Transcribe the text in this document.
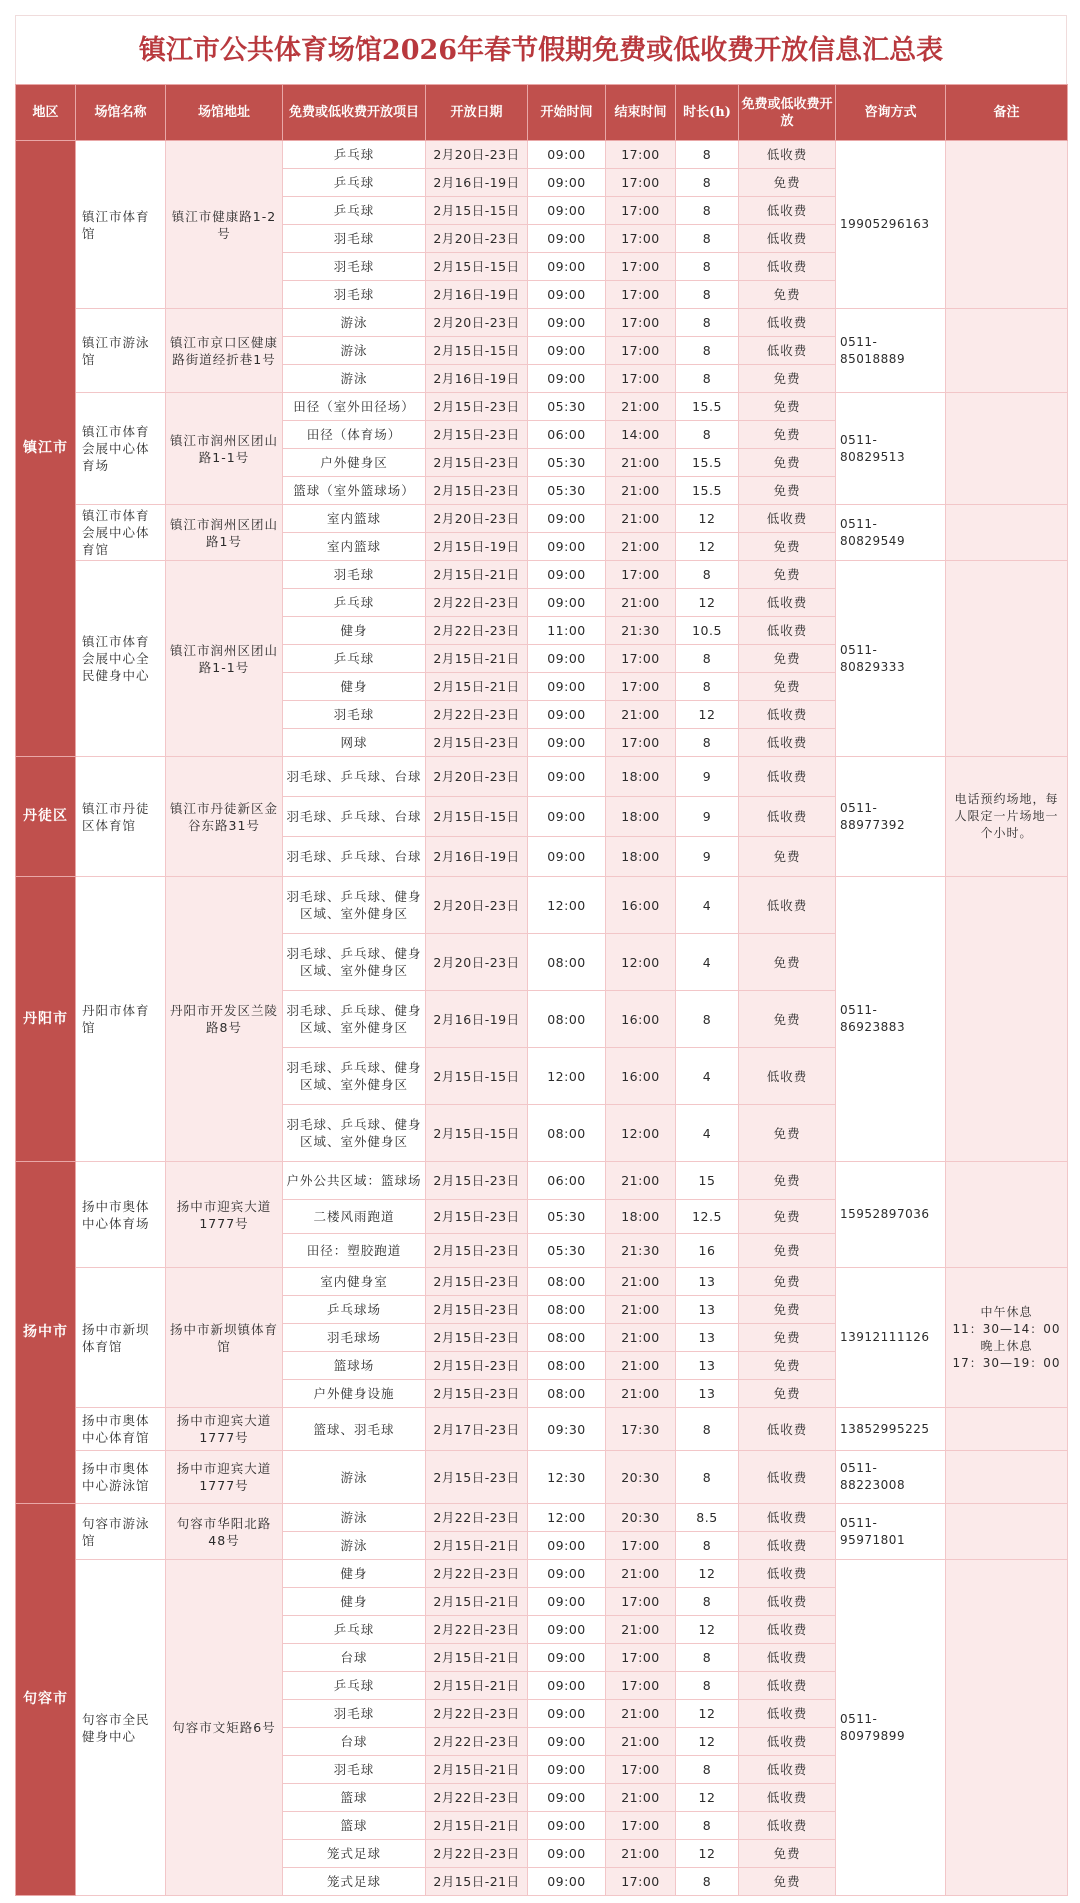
镇江市公共体育场馆2026年春节假期免费或低收费开放信息汇总表
地区	场馆名称	场馆地址	免费或低收费开放项目	开放日期	开始时间	结束时间	时长(h)	免费或低收费开放	咨询方式	备注
镇江市	镇江市体育馆	镇江市健康路1-2号	乒乓球	2月20日-23日	09:00	17:00	8	低收费	19905296163	
			乒乓球	2月16日-19日	09:00	17:00	8	免费		
			乒乓球	2月15日-15日	09:00	17:00	8	低收费		
			羽毛球	2月20日-23日	09:00	17:00	8	低收费		
			羽毛球	2月15日-15日	09:00	17:00	8	低收费		
			羽毛球	2月16日-19日	09:00	17:00	8	免费		
	镇江市游泳馆	镇江市京口区健康路街道经折巷1号	游泳	2月20日-23日	09:00	17:00	8	低收费	0511-85018889	
			游泳	2月15日-15日	09:00	17:00	8	低收费		
			游泳	2月16日-19日	09:00	17:00	8	免费		
	镇江市体育会展中心体育场	镇江市润州区团山路1-1号	田径（室外田径场）	2月15日-23日	05:30	21:00	15.5	免费	0511-80829513	
			田径（体育场）	2月15日-23日	06:00	14:00	8	免费		
			户外健身区	2月15日-23日	05:30	21:00	15.5	免费		
			篮球（室外篮球场）	2月15日-23日	05:30	21:00	15.5	免费		
	镇江市体育会展中心体育馆	镇江市润州区团山路1号	室内篮球	2月20日-23日	09:00	21:00	12	低收费	0511-80829549	
			室内篮球	2月15日-19日	09:00	21:00	12	免费		
	镇江市体育会展中心全民健身中心	镇江市润州区团山路1-1号	羽毛球	2月15日-21日	09:00	17:00	8	免费	0511-80829333	
			乒乓球	2月22日-23日	09:00	21:00	12	低收费		
			健身	2月22日-23日	11:00	21:30	10.5	低收费		
			乒乓球	2月15日-21日	09:00	17:00	8	免费		
			健身	2月15日-21日	09:00	17:00	8	免费		
			羽毛球	2月22日-23日	09:00	21:00	12	低收费		
			网球	2月15日-23日	09:00	17:00	8	低收费		
丹徒区	镇江市丹徒区体育馆	镇江市丹徒新区金谷东路31号	羽毛球、乒乓球、台球	2月20日-23日	09:00	18:00	9	低收费	0511-88977392	电话预约场地，每人限定一片场地一个小时。
			羽毛球、乒乓球、台球	2月15日-15日	09:00	18:00	9	低收费		
			羽毛球、乒乓球、台球	2月16日-19日	09:00	18:00	9	免费		
丹阳市	丹阳市体育馆	丹阳市开发区兰陵路8号	羽毛球、乒乓球、健身区域、室外健身区	2月20日-23日	12:00	16:00	4	低收费	0511-86923883	
			羽毛球、乒乓球、健身区域、室外健身区	2月20日-23日	08:00	12:00	4	免费		
			羽毛球、乒乓球、健身区域、室外健身区	2月16日-19日	08:00	16:00	8	免费		
			羽毛球、乒乓球、健身区域、室外健身区	2月15日-15日	12:00	16:00	4	低收费		
			羽毛球、乒乓球、健身区域、室外健身区	2月15日-15日	08:00	12:00	4	免费		
扬中市	扬中市奥体中心体育场	扬中市迎宾大道1777号	户外公共区域：篮球场	2月15日-23日	06:00	21:00	15	免费	15952897036	
			二楼风雨跑道	2月15日-23日	05:30	18:00	12.5	免费		
			田径：塑胶跑道	2月15日-23日	05:30	21:30	16	免费		
	扬中市新坝体育馆	扬中市新坝镇体育馆	室内健身室	2月15日-23日	08:00	21:00	13	免费	13912111126	中午休息
11：30—14：00
晚上休息
17：30—19：00

			乒乓球场	2月15日-23日	08:00	21:00	13	免费		
			羽毛球场	2月15日-23日	08:00	21:00	13	免费		
			篮球场	2月15日-23日	08:00	21:00	13	免费		
			户外健身设施	2月15日-23日	08:00	21:00	13	免费		
	扬中市奥体中心体育馆	扬中市迎宾大道1777号	篮球、羽毛球	2月17日-23日	09:30	17:30	8	低收费	13852995225	
	扬中市奥体中心游泳馆	扬中市迎宾大道1777号	游泳	2月15日-23日	12:30	20:30	8	低收费	0511-88223008	
句容市	句容市游泳馆	句容市华阳北路48号	游泳	2月22日-23日	12:00	20:30	8.5	低收费	0511-95971801	
			游泳	2月15日-21日	09:00	17:00	8	低收费		
	句容市全民健身中心	句容市文矩路6号	健身	2月22日-23日	09:00	21:00	12	低收费	0511-80979899	
			健身	2月15日-21日	09:00	17:00	8	低收费		
			乒乓球	2月22日-23日	09:00	21:00	12	低收费		
			台球	2月15日-21日	09:00	17:00	8	低收费		
			乒乓球	2月15日-21日	09:00	17:00	8	低收费		
			羽毛球	2月22日-23日	09:00	21:00	12	低收费		
			台球	2月22日-23日	09:00	21:00	12	低收费		
			羽毛球	2月15日-21日	09:00	17:00	8	低收费		
			篮球	2月22日-23日	09:00	21:00	12	低收费		
			篮球	2月15日-21日	09:00	17:00	8	低收费		
			笼式足球	2月22日-23日	09:00	21:00	12	免费		
			笼式足球	2月15日-21日	09:00	17:00	8	免费		
